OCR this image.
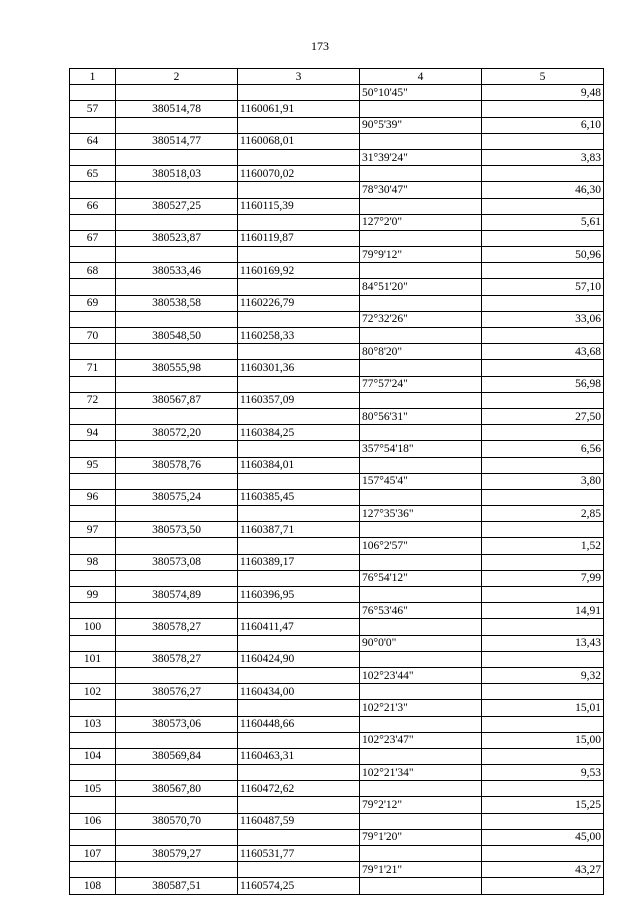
173
1	2	3	4	5
			50°10'45"	9,48
57	380514,78	1160061,91		
			90°5'39"	6,10
64	380514,77	1160068,01		
			31°39'24"	3,83
65	380518,03	1160070,02		
			78°30'47"	46,30
66	380527,25	1160115,39		
			127°2'0"	5,61
67	380523,87	1160119,87		
			79°9'12"	50,96
68	380533,46	1160169,92		
			84°51'20"	57,10
69	380538,58	1160226,79		
			72°32'26"	33,06
70	380548,50	1160258,33		
			80°8'20"	43,68
71	380555,98	1160301,36		
			77°57'24"	56,98
72	380567,87	1160357,09		
			80°56'31"	27,50
94	380572,20	1160384,25		
			357°54'18"	6,56
95	380578,76	1160384,01		
			157°45'4"	3,80
96	380575,24	1160385,45		
			127°35'36"	2,85
97	380573,50	1160387,71		
			106°2'57"	1,52
98	380573,08	1160389,17		
			76°54'12"	7,99
99	380574,89	1160396,95		
			76°53'46"	14,91
100	380578,27	1160411,47		
			90°0'0"	13,43
101	380578,27	1160424,90		
			102°23'44"	9,32
102	380576,27	1160434,00		
			102°21'3"	15,01
103	380573,06	1160448,66		
			102°23'47"	15,00
104	380569,84	1160463,31		
			102°21'34"	9,53
105	380567,80	1160472,62		
			79°2'12"	15,25
106	380570,70	1160487,59		
			79°1'20"	45,00
107	380579,27	1160531,77		
			79°1'21"	43,27
108	380587,51	1160574,25		
